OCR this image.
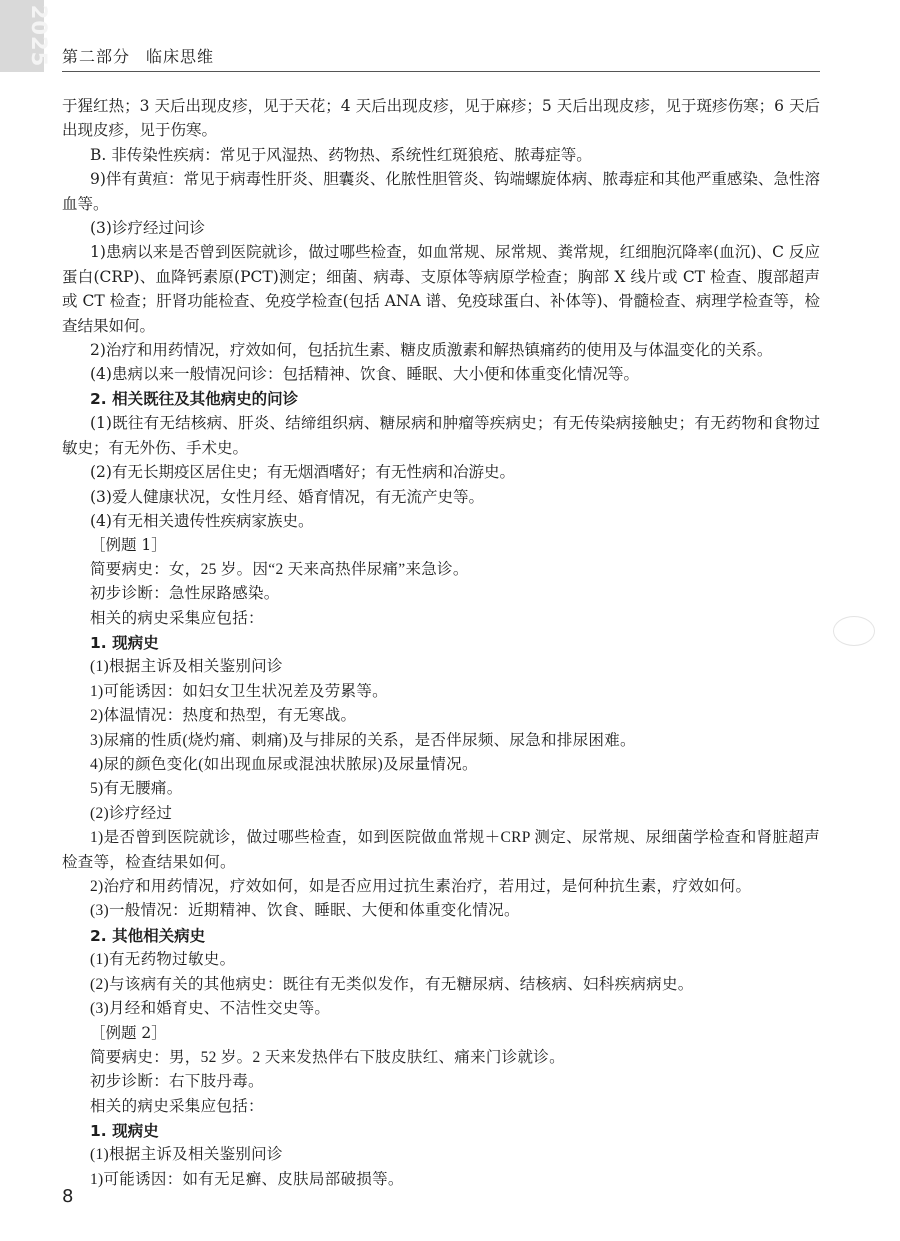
2025 第二部分 临床思维

于猩红热；3 天后出现皮疹，见于天花；4 天后出现皮疹，见于麻疹；5 天后出现皮疹，见于斑疹伤寒；6 天后出现皮疹，见于伤寒。

B. 非传染性疾病：常见于风湿热、药物热、系统性红斑狼疮、脓毒症等。

9)伴有黄疸：常见于病毒性肝炎、胆囊炎、化脓性胆管炎、钩端螺旋体病、脓毒症和其他严重感染、急性溶血等。

(3)诊疗经过问诊

1)患病以来是否曾到医院就诊，做过哪些检查，如血常规、尿常规、粪常规，红细胞沉降率(血沉)、C 反应蛋白(CRP)、血降钙素原(PCT)测定；细菌、病毒、支原体等病原学检查；胸部 X 线片或 CT 检查、腹部超声或 CT 检查；肝肾功能检查、免疫学检查(包括 ANA 谱、免疫球蛋白、补体等)、骨髓检查、病理学检查等，检查结果如何。

2)治疗和用药情况，疗效如何，包括抗生素、糖皮质激素和解热镇痛药的使用及与体温变化的关系。

(4)患病以来一般情况问诊：包括精神、饮食、睡眠、大小便和体重变化情况等。

2. 相关既往及其他病史的问诊

(1)既往有无结核病、肝炎、结缔组织病、糖尿病和肿瘤等疾病史；有无传染病接触史；有无药物和食物过敏史；有无外伤、手术史。

(2)有无长期疫区居住史；有无烟酒嗜好；有无性病和冶游史。

(3)爱人健康状况，女性月经、婚育情况，有无流产史等。

(4)有无相关遗传性疾病家族史。

［例题 1］

简要病史：女，25 岁。因“2 天来高热伴尿痛”来急诊。

初步诊断：急性尿路感染。

相关的病史采集应包括：

1. 现病史

(1)根据主诉及相关鉴别问诊

1)可能诱因：如妇女卫生状况差及劳累等。

2)体温情况：热度和热型，有无寒战。

3)尿痛的性质(烧灼痛、刺痛)及与排尿的关系，是否伴尿频、尿急和排尿困难。

4)尿的颜色变化(如出现血尿或混浊状脓尿)及尿量情况。

5)有无腰痛。

(2)诊疗经过

1)是否曾到医院就诊，做过哪些检查，如到医院做血常规＋CRP 测定、尿常规、尿细菌学检查和肾脏超声检查等，检查结果如何。

2)治疗和用药情况，疗效如何，如是否应用过抗生素治疗，若用过，是何种抗生素，疗效如何。

(3)一般情况：近期精神、饮食、睡眠、大便和体重变化情况。

2. 其他相关病史

(1)有无药物过敏史。

(2)与该病有关的其他病史：既往有无类似发作，有无糖尿病、结核病、妇科疾病病史。

(3)月经和婚育史、不洁性交史等。

［例题 2］

简要病史：男，52 岁。2 天来发热伴右下肢皮肤红、痛来门诊就诊。

初步诊断：右下肢丹毒。

相关的病史采集应包括：

1. 现病史

(1)根据主诉及相关鉴别问诊

1)可能诱因：如有无足癣、皮肤局部破损等。

8
